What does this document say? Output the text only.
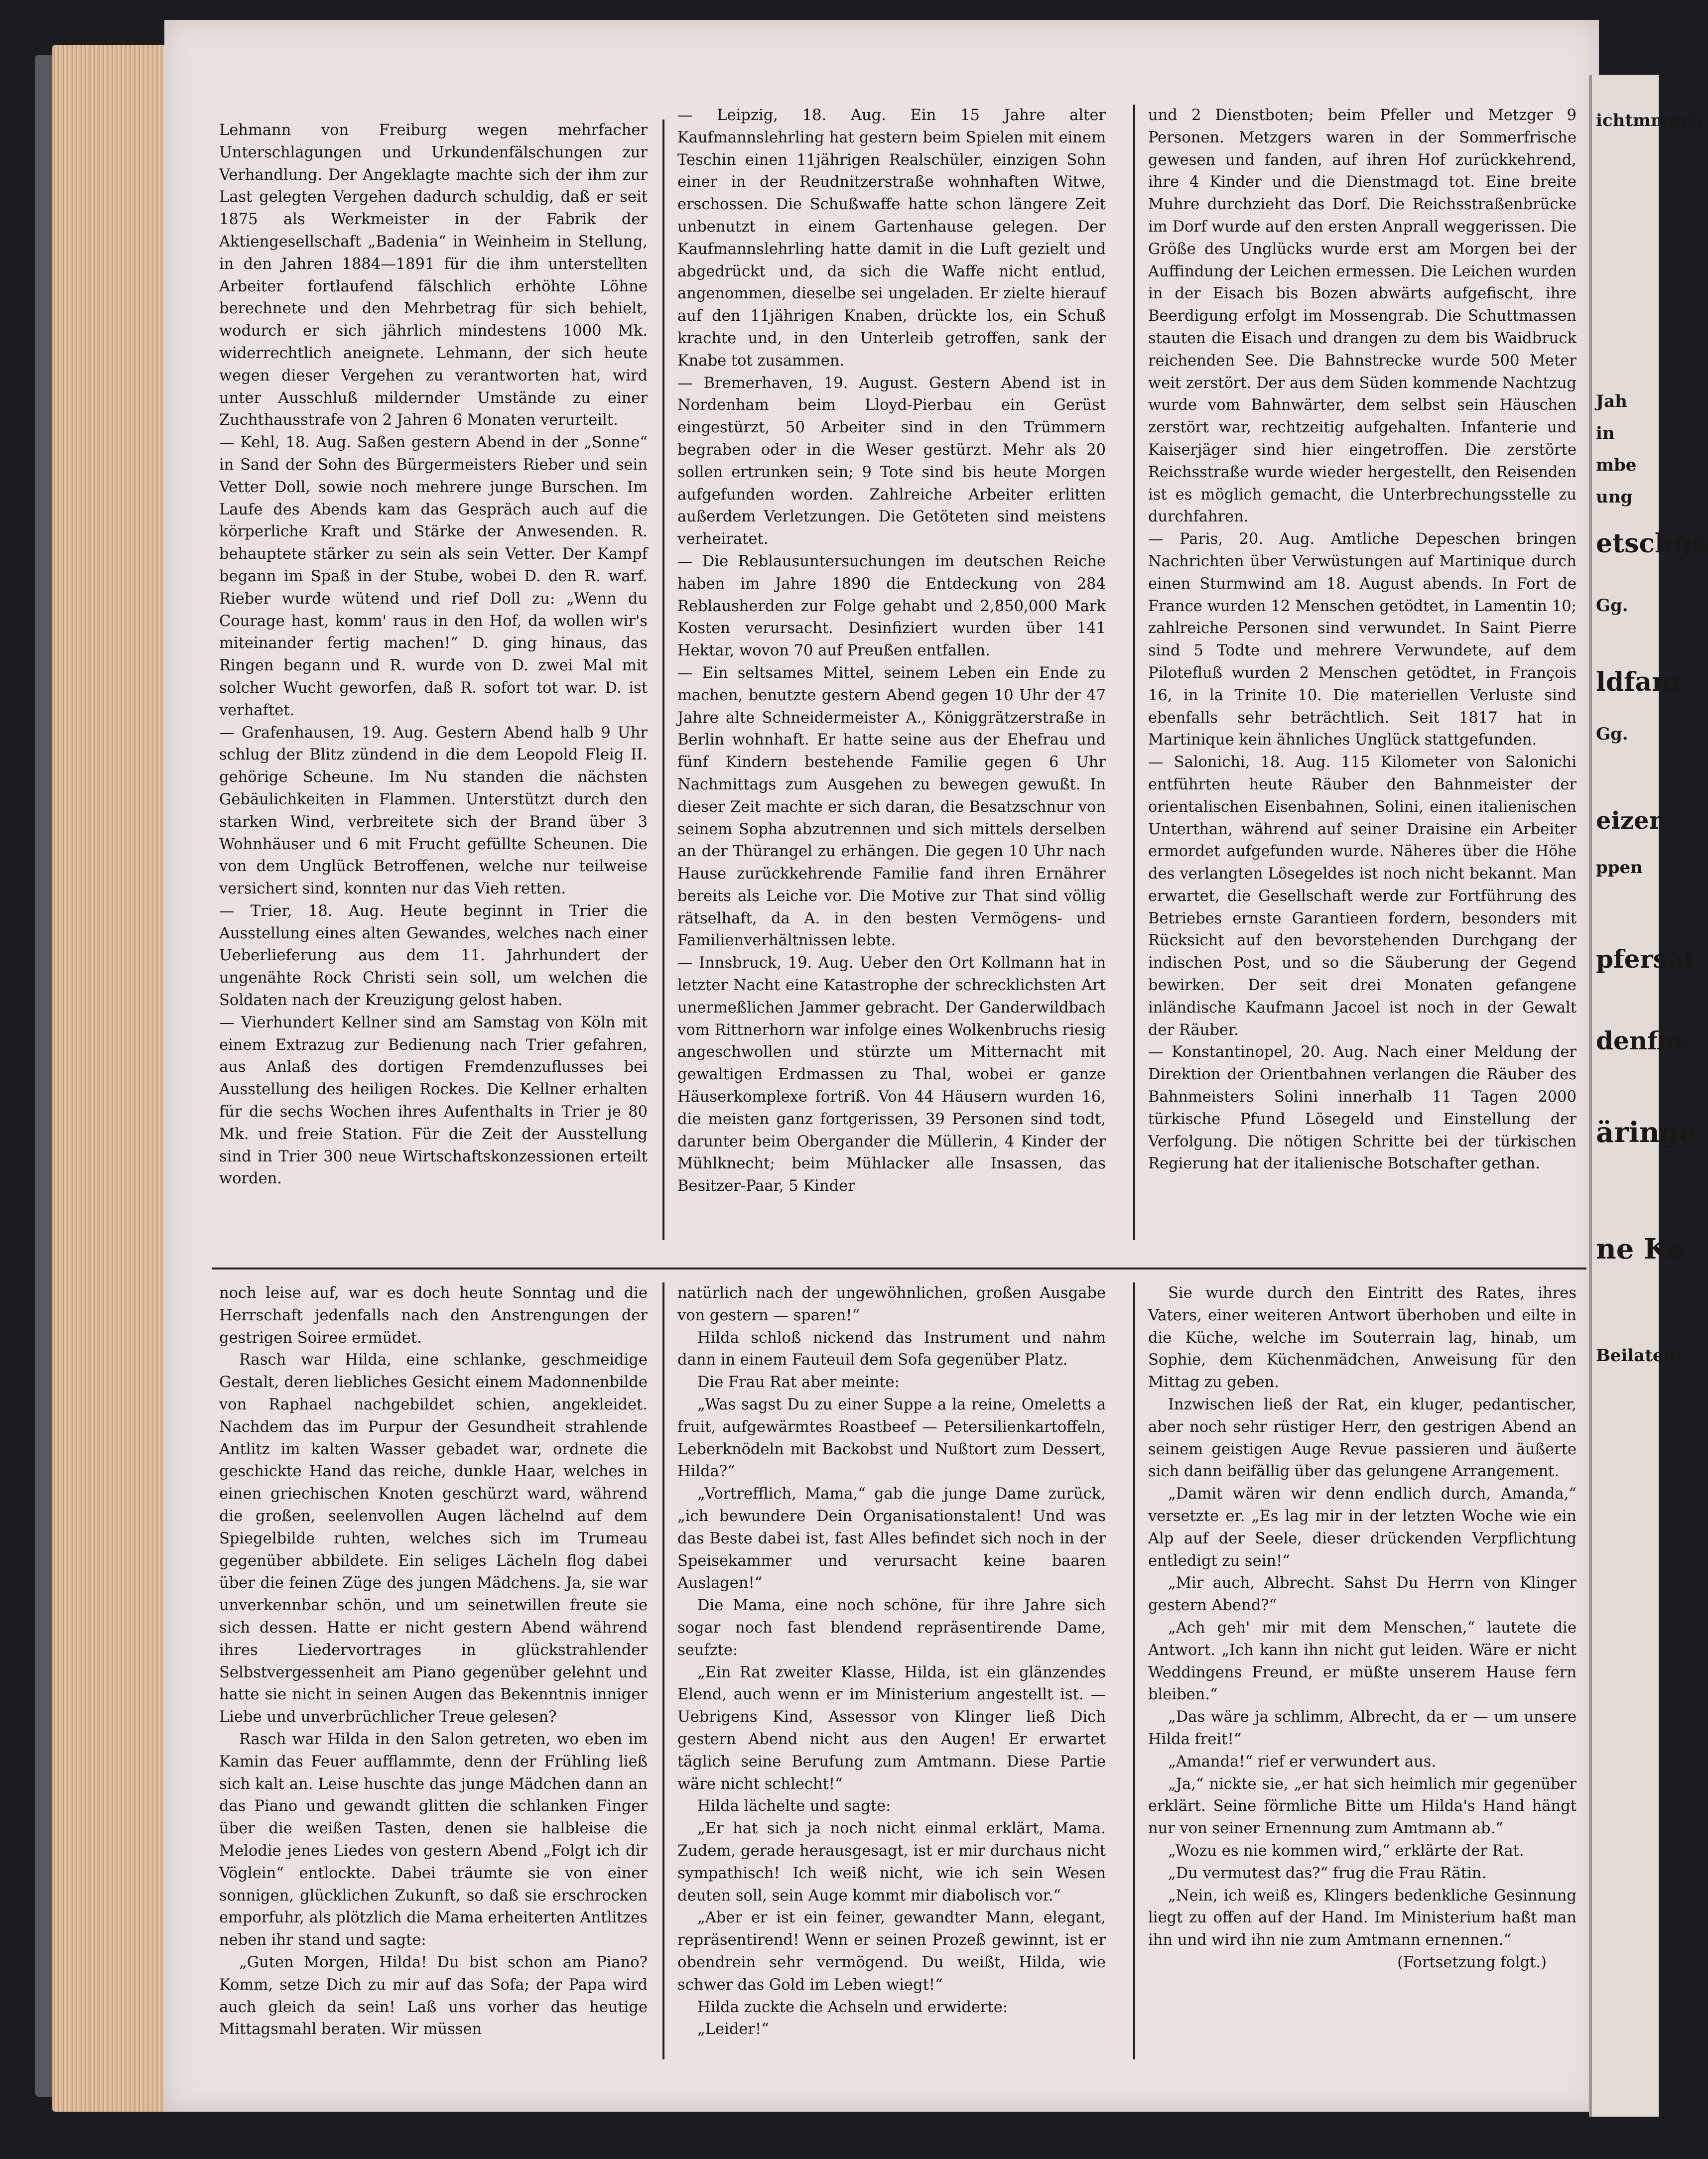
Lehmann von Freiburg wegen mehrfacher Unterschlagungen und Urkundenfälschungen zur Verhandlung. Der Angeklagte machte sich der ihm zur Last gelegten Vergehen dadurch schuldig, daß er seit 1875 als Werkmeister in der Fabrik der Aktiengesellschaft „Badenia“ in Weinheim in Stellung, in den Jahren 1884—1891 für die ihm unterstellten Arbeiter fortlaufend fälschlich erhöhte Löhne berechnete und den Mehrbetrag für sich behielt, wodurch er sich jährlich mindestens 1000 Mk. widerrechtlich aneignete. Lehmann, der sich heute wegen dieser Vergehen zu verantworten hat, wird unter Ausschluß mildernder Umstände zu einer Zuchthausstrafe von 2 Jahren 6 Monaten verurteilt.

— Kehl, 18. Aug. Saßen gestern Abend in der „Sonne“ in Sand der Sohn des Bürgermeisters Rieber und sein Vetter Doll, sowie noch mehrere junge Burschen. Im Laufe des Abends kam das Gespräch auch auf die körperliche Kraft und Stärke der Anwesenden. R. behauptete stärker zu sein als sein Vetter. Der Kampf begann im Spaß in der Stube, wobei D. den R. warf. Rieber wurde wütend und rief Doll zu: „Wenn du Courage hast, komm' raus in den Hof, da wollen wir's miteinander fertig machen!“ D. ging hinaus, das Ringen begann und R. wurde von D. zwei Mal mit solcher Wucht geworfen, daß R. sofort tot war. D. ist verhaftet.

— Grafenhausen, 19. Aug. Gestern Abend halb 9 Uhr schlug der Blitz zündend in die dem Leopold Fleig II. gehörige Scheune. Im Nu standen die nächsten Gebäulichkeiten in Flammen. Unterstützt durch den starken Wind, verbreitete sich der Brand über 3 Wohnhäuser und 6 mit Frucht gefüllte Scheunen. Die von dem Unglück Betroffenen, welche nur teilweise versichert sind, konnten nur das Vieh retten.

— Trier, 18. Aug. Heute beginnt in Trier die Ausstellung eines alten Gewandes, welches nach einer Ueberlieferung aus dem 11. Jahrhundert der ungenähte Rock Christi sein soll, um welchen die Soldaten nach der Kreuzigung gelost haben.

— Vierhundert Kellner sind am Samstag von Köln mit einem Extrazug zur Bedienung nach Trier gefahren, aus Anlaß des dortigen Fremdenzuflusses bei Ausstellung des heiligen Rockes. Die Kellner erhalten für die sechs Wochen ihres Aufenthalts in Trier je 80 Mk. und freie Station. Für die Zeit der Ausstellung sind in Trier 300 neue Wirtschaftskonzessionen erteilt worden.

— Leipzig, 18. Aug. Ein 15 Jahre alter Kaufmannslehrling hat gestern beim Spielen mit einem Teschin einen 11jährigen Realschüler, einzigen Sohn einer in der Reudnitzerstraße wohnhaften Witwe, erschossen. Die Schußwaffe hatte schon längere Zeit unbenutzt in einem Gartenhause gelegen. Der Kaufmannslehrling hatte damit in die Luft gezielt und abgedrückt und, da sich die Waffe nicht entlud, angenommen, dieselbe sei ungeladen. Er zielte hierauf auf den 11jährigen Knaben, drückte los, ein Schuß krachte und, in den Unterleib getroffen, sank der Knabe tot zusammen.

— Bremerhaven, 19. August. Gestern Abend ist in Nordenham beim Lloyd-Pierbau ein Gerüst eingestürzt, 50 Arbeiter sind in den Trümmern begraben oder in die Weser gestürzt. Mehr als 20 sollen ertrunken sein; 9 Tote sind bis heute Morgen aufgefunden worden. Zahlreiche Arbeiter erlitten außerdem Verletzungen. Die Getöteten sind meistens verheiratet.

— Die Reblausuntersuchungen im deutschen Reiche haben im Jahre 1890 die Entdeckung von 284 Reblausherden zur Folge gehabt und 2,850,000 Mark Kosten verursacht. Desinfiziert wurden über 141 Hektar, wovon 70 auf Preußen entfallen.

— Ein seltsames Mittel, seinem Leben ein Ende zu machen, benutzte gestern Abend gegen 10 Uhr der 47 Jahre alte Schneidermeister A., Königgrätzerstraße in Berlin wohnhaft. Er hatte seine aus der Ehefrau und fünf Kindern bestehende Familie gegen 6 Uhr Nachmittags zum Ausgehen zu bewegen gewußt. In dieser Zeit machte er sich daran, die Besatzschnur von seinem Sopha abzutrennen und sich mittels derselben an der Thürangel zu erhängen. Die gegen 10 Uhr nach Hause zurückkehrende Familie fand ihren Ernährer bereits als Leiche vor. Die Motive zur That sind völlig rätselhaft, da A. in den besten Vermögens- und Familienverhältnissen lebte.

— Innsbruck, 19. Aug. Ueber den Ort Kollmann hat in letzter Nacht eine Katastrophe der schrecklichsten Art unermeßlichen Jammer gebracht. Der Ganderwildbach vom Rittnerhorn war infolge eines Wolkenbruchs riesig angeschwollen und stürzte um Mitternacht mit gewaltigen Erdmassen zu Thal, wobei er ganze Häuserkomplexe fortriß. Von 44 Häusern wurden 16, die meisten ganz fortgerissen, 39 Personen sind todt, darunter beim Obergander die Müllerin, 4 Kinder der Mühlknecht; beim Mühlacker alle Insassen, das Besitzer-Paar, 5 Kinder

und 2 Dienstboten; beim Pfeller und Metzger 9 Personen. Metzgers waren in der Sommerfrische gewesen und fanden, auf ihren Hof zurückkehrend, ihre 4 Kinder und die Dienstmagd tot. Eine breite Muhre durchzieht das Dorf. Die Reichsstraßenbrücke im Dorf wurde auf den ersten Anprall weggerissen. Die Größe des Unglücks wurde erst am Morgen bei der Auffindung der Leichen ermessen. Die Leichen wurden in der Eisach bis Bozen abwärts aufgefischt, ihre Beerdigung erfolgt im Mossengrab. Die Schuttmassen stauten die Eisach und drangen zu dem bis Waidbruck reichenden See. Die Bahnstrecke wurde 500 Meter weit zerstört. Der aus dem Süden kommende Nachtzug wurde vom Bahnwärter, dem selbst sein Häuschen zerstört war, rechtzeitig aufgehalten. Infanterie und Kaiserjäger sind hier eingetroffen. Die zerstörte Reichsstraße wurde wieder hergestellt, den Reisenden ist es möglich gemacht, die Unterbrechungsstelle zu durchfahren.

— Paris, 20. Aug. Amtliche Depeschen bringen Nachrichten über Verwüstungen auf Martinique durch einen Sturmwind am 18. August abends. In Fort de France wurden 12 Menschen getödtet, in Lamentin 10; zahlreiche Personen sind verwundet. In Saint Pierre sind 5 Todte und mehrere Verwundete, auf dem Pilotefluß wurden 2 Menschen getödtet, in François 16, in la Trinite 10. Die materiellen Verluste sind ebenfalls sehr beträchtlich. Seit 1817 hat in Martinique kein ähnliches Unglück stattgefunden.

— Salonichi, 18. Aug. 115 Kilometer von Salonichi entführten heute Räuber den Bahnmeister der orientalischen Eisenbahnen, Solini, einen italienischen Unterthan, während auf seiner Draisine ein Arbeiter ermordet aufgefunden wurde. Näheres über die Höhe des verlangten Lösegeldes ist noch nicht bekannt. Man erwartet, die Gesellschaft werde zur Fortführung des Betriebes ernste Garantieen fordern, besonders mit Rücksicht auf den bevorstehenden Durchgang der indischen Post, und so die Säuberung der Gegend bewirken. Der seit drei Monaten gefangene inländische Kaufmann Jacoel ist noch in der Gewalt der Räuber.

— Konstantinopel, 20. Aug. Nach einer Meldung der Direktion der Orientbahnen verlangen die Räuber des Bahnmeisters Solini innerhalb 11 Tagen 2000 türkische Pfund Lösegeld und Einstellung der Verfolgung. Die nötigen Schritte bei der türkischen Regierung hat der italienische Botschafter gethan.

noch leise auf, war es doch heute Sonntag und die Herrschaft jedenfalls nach den Anstrengungen der gestrigen Soiree ermüdet.

Rasch war Hilda, eine schlanke, geschmeidige Gestalt, deren liebliches Gesicht einem Madonnenbilde von Raphael nachgebildet schien, angekleidet. Nachdem das im Purpur der Gesundheit strahlende Antlitz im kalten Wasser gebadet war, ordnete die geschickte Hand das reiche, dunkle Haar, welches in einen griechischen Knoten geschürzt ward, während die großen, seelenvollen Augen lächelnd auf dem Spiegelbilde ruhten, welches sich im Trumeau gegenüber abbildete. Ein seliges Lächeln flog dabei über die feinen Züge des jungen Mädchens. Ja, sie war unverkennbar schön, und um seinetwillen freute sie sich dessen. Hatte er nicht gestern Abend während ihres Liedervortrages in glückstrahlender Selbstvergessenheit am Piano gegenüber gelehnt und hatte sie nicht in seinen Augen das Bekenntnis inniger Liebe und unverbrüchlicher Treue gelesen?

Rasch war Hilda in den Salon getreten, wo eben im Kamin das Feuer aufflammte, denn der Frühling ließ sich kalt an. Leise huschte das junge Mädchen dann an das Piano und gewandt glitten die schlanken Finger über die weißen Tasten, denen sie halbleise die Melodie jenes Liedes von gestern Abend „Folgt ich dir Vöglein“ entlockte. Dabei träumte sie von einer sonnigen, glücklichen Zukunft, so daß sie erschrocken emporfuhr, als plötzlich die Mama erheiterten Antlitzes neben ihr stand und sagte:

„Guten Morgen, Hilda! Du bist schon am Piano? Komm, setze Dich zu mir auf das Sofa; der Papa wird auch gleich da sein! Laß uns vorher das heutige Mittagsmahl beraten. Wir müssen

natürlich nach der ungewöhnlichen, großen Ausgabe von gestern — sparen!“

Hilda schloß nickend das Instrument und nahm dann in einem Fauteuil dem Sofa gegenüber Platz.

Die Frau Rat aber meinte:

„Was sagst Du zu einer Suppe a la reine, Omeletts a fruit, aufgewärmtes Roastbeef — Petersilienkartoffeln, Leberknödeln mit Backobst und Nußtort zum Dessert, Hilda?“

„Vortrefflich, Mama,“ gab die junge Dame zurück, „ich bewundere Dein Organisationstalent! Und was das Beste dabei ist, fast Alles befindet sich noch in der Speisekammer und verursacht keine baaren Auslagen!“

Die Mama, eine noch schöne, für ihre Jahre sich sogar noch fast blendend repräsentirende Dame, seufzte:

„Ein Rat zweiter Klasse, Hilda, ist ein glänzendes Elend, auch wenn er im Ministerium angestellt ist. — Uebrigens Kind, Assessor von Klinger ließ Dich gestern Abend nicht aus den Augen! Er erwartet täglich seine Berufung zum Amtmann. Diese Partie wäre nicht schlecht!“

Hilda lächelte und sagte:

„Er hat sich ja noch nicht einmal erklärt, Mama. Zudem, gerade herausgesagt, ist er mir durchaus nicht sympathisch! Ich weiß nicht, wie ich sein Wesen deuten soll, sein Auge kommt mir diabolisch vor.“

„Aber er ist ein feiner, gewandter Mann, elegant, repräsentirend! Wenn er seinen Prozeß gewinnt, ist er obendrein sehr vermögend. Du weißt, Hilda, wie schwer das Gold im Leben wiegt!“

Hilda zuckte die Achseln und erwiderte:

„Leider!“

Sie wurde durch den Eintritt des Rates, ihres Vaters, einer weiteren Antwort überhoben und eilte in die Küche, welche im Souterrain lag, hinab, um Sophie, dem Küchenmädchen, Anweisung für den Mittag zu geben.

Inzwischen ließ der Rat, ein kluger, pedantischer, aber noch sehr rüstiger Herr, den gestrigen Abend an seinem geistigen Auge Revue passieren und äußerte sich dann beifällig über das gelungene Arrangement.

„Damit wären wir denn endlich durch, Amanda,“ versetzte er. „Es lag mir in der letzten Woche wie ein Alp auf der Seele, dieser drückenden Verpflichtung entledigt zu sein!“

„Mir auch, Albrecht. Sahst Du Herrn von Klinger gestern Abend?“

„Ach geh' mir mit dem Menschen,“ lautete die Antwort. „Ich kann ihn nicht gut leiden. Wäre er nicht Weddingens Freund, er müßte unserem Hause fern bleiben.“

„Das wäre ja schlimm, Albrecht, da er — um unsere Hilda freit!“

„Amanda!“ rief er verwundert aus.

„Ja,“ nickte sie, „er hat sich heimlich mir gegenüber erklärt. Seine förmliche Bitte um Hilda's Hand hängt nur von seiner Ernennung zum Amtmann ab.“

„Wozu es nie kommen wird,“ erklärte der Rat.

„Du vermutest das?“ frug die Frau Rätin.

„Nein, ich weiß es, Klingers bedenkliche Gesinnung liegt zu offen auf der Hand. Im Ministerium haßt man ihn und wird ihn nie zum Amtmann ernennen.“

(Fortsetzung folgt.)

ichtmmmis
Jah
in
mbe
ung
etschge
Gg.
ldfanr
Gg.
eizer
ppen
pfersal
denflo
äringe
ne Ke
Beilaten.
